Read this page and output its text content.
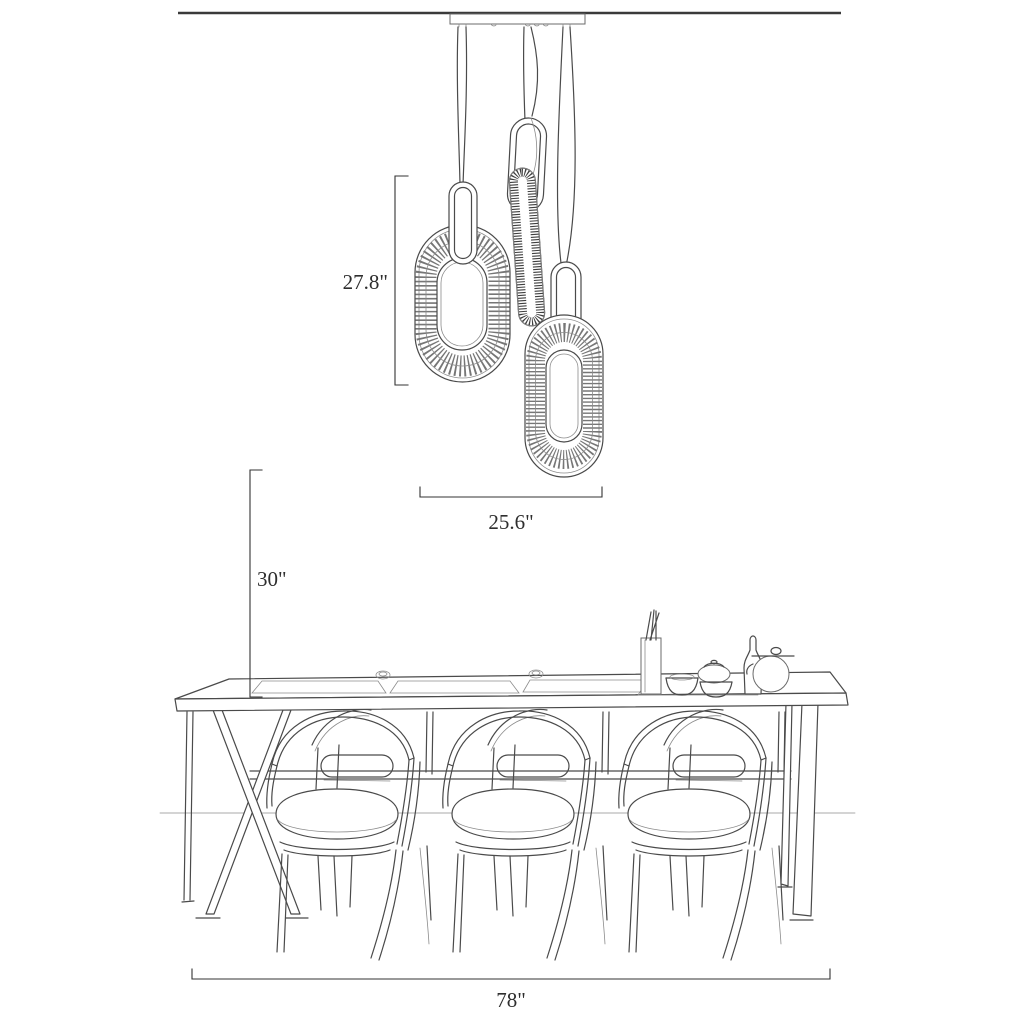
27.8"
25.6"
30"
78"
